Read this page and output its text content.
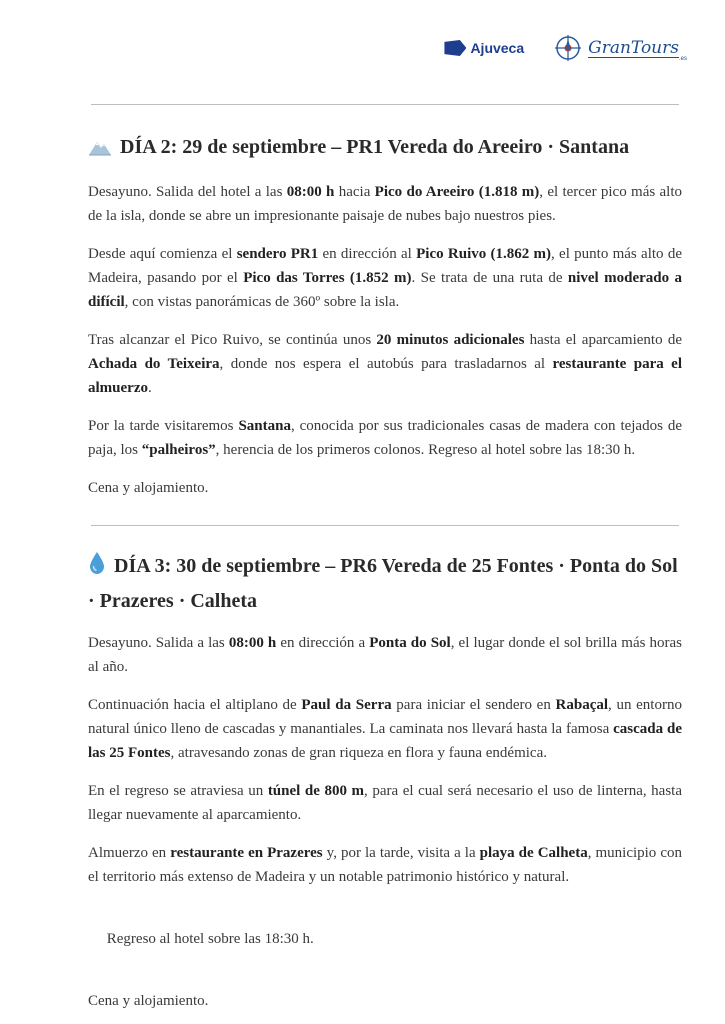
Ajuveca	GranTours
.es
DÍA 2: 29 de septiembre – PR1 Vereda do Areeiro · Santana

Desayuno. Salida del hotel a las 08:00 h hacia Pico do Areeiro (1.818 m), el tercer pico más alto de la isla, donde se abre un impresionante paisaje de nubes bajo nuestros pies.

Desde aquí comienza el sendero PR1 en dirección al Pico Ruivo (1.862 m), el punto más alto de Madeira, pasando por el Pico das Torres (1.852 m). Se trata de una ruta de nivel moderado a difícil, con vistas panorámicas de 360º sobre la isla.

Tras alcanzar el Pico Ruivo, se continúa unos 20 minutos adicionales hasta el aparcamiento de Achada do Teixeira, donde nos espera el autobús para trasladarnos al restaurante para el almuerzo.

Por la tarde visitaremos Santana, conocida por sus tradicionales casas de madera con tejados de paja, los “palheiros”, herencia de los primeros colonos. Regreso al hotel sobre las 18:30 h.

Cena y alojamiento.

DÍA 3: 30 de septiembre – PR6 Vereda de 25 Fontes · Ponta do Sol · Prazeres · Calheta

Desayuno. Salida a las 08:00 h en dirección a Ponta do Sol, el lugar donde el sol brilla más horas al año.

Continuación hacia el altiplano de Paul da Serra para iniciar el sendero en Rabaçal, un entorno natural único lleno de cascadas y manantiales. La caminata nos llevará hasta la famosa cascada de las 25 Fontes, atravesando zonas de gran riqueza en flora y fauna endémica.

En el regreso se atraviesa un túnel de 800 m, para el cual será necesario el uso de linterna, hasta llegar nuevamente al aparcamiento.

Almuerzo en restaurante en Prazeres y, por la tarde, visita a la playa de Calheta, municipio con el territorio más extenso de Madeira y un notable patrimonio histórico y natural.

Regreso al hotel sobre las 18:30 h.

Cena y alojamiento.
